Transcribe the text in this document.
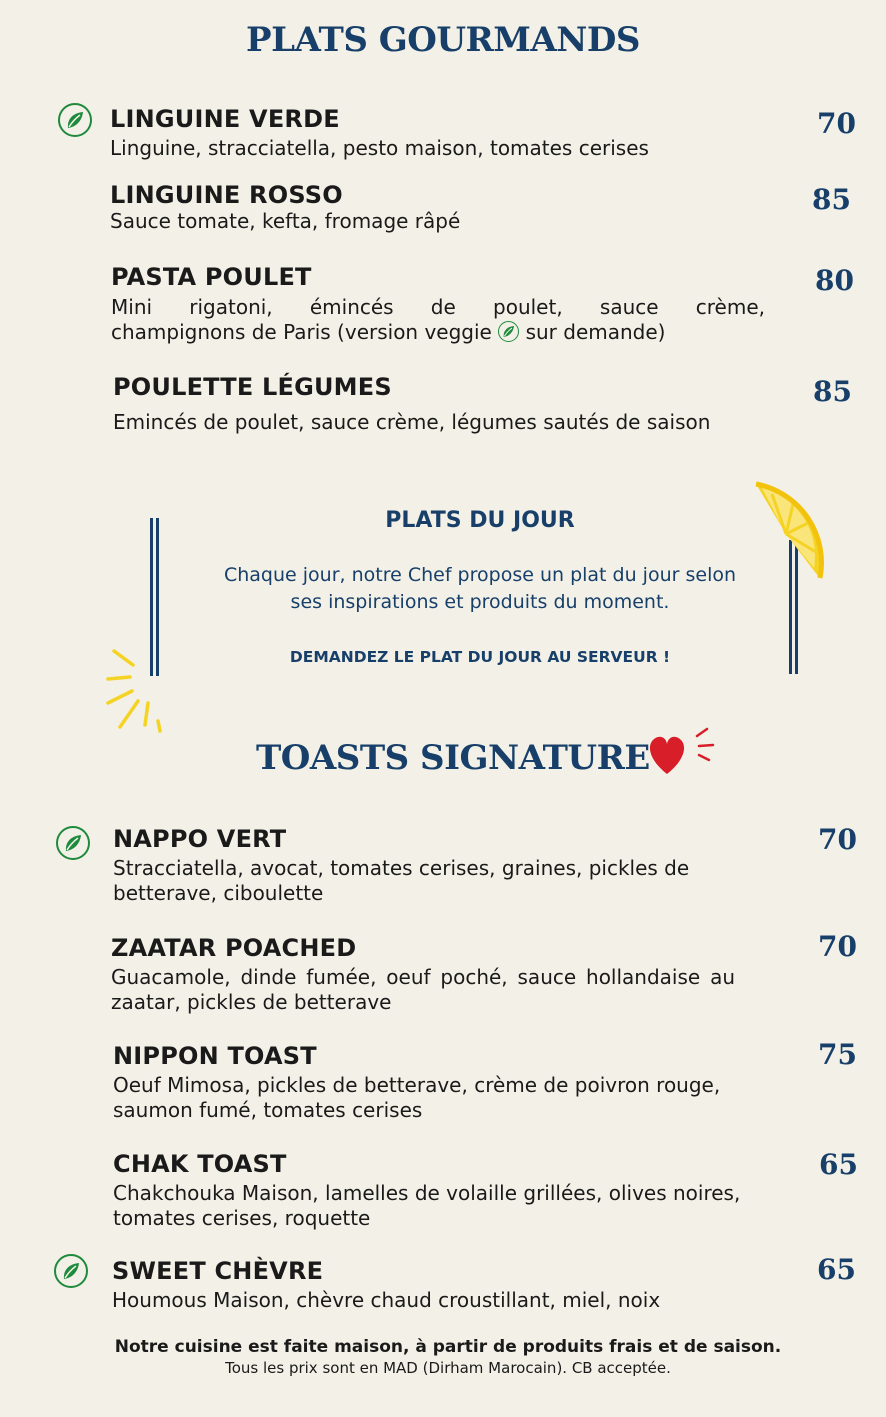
PLATS GOURMANDS
LINGUINE VERDE
Linguine, stracciatella, pesto maison, tomates cerises
70
LINGUINE ROSSO
Sauce tomate, kefta, fromage râpé
85
PASTA POULET
Mini rigatoni, émincés de poulet, sauce crème,
champignons de Paris (version veggie sur demande)
80
POULETTE LÉGUMES
Emincés de poulet, sauce crème, légumes sautés de saison
85
PLATS DU JOUR
Chaque jour, notre Chef propose un plat du jour selon
ses inspirations et produits du moment.
DEMANDEZ LE PLAT DU JOUR AU SERVEUR !
TOASTS SIGNATURE
NAPPO VERT
Stracciatella, avocat, tomates cerises, graines, pickles de betterave, ciboulette
70
ZAATAR POACHED
Guacamole, dinde fumée, oeuf poché, sauce hollandaise au zaatar, pickles de betterave
70
NIPPON TOAST
Oeuf Mimosa, pickles de betterave, crème de poivron rouge, saumon fumé, tomates cerises
75
CHAK TOAST
Chakchouka Maison, lamelles de volaille grillées, olives noires, tomates cerises, roquette
65
SWEET CHÈVRE
Houmous Maison, chèvre chaud croustillant, miel, noix
65
Notre cuisine est faite maison, à partir de produits frais et de saison.
Tous les prix sont en MAD (Dirham Marocain). CB acceptée.
